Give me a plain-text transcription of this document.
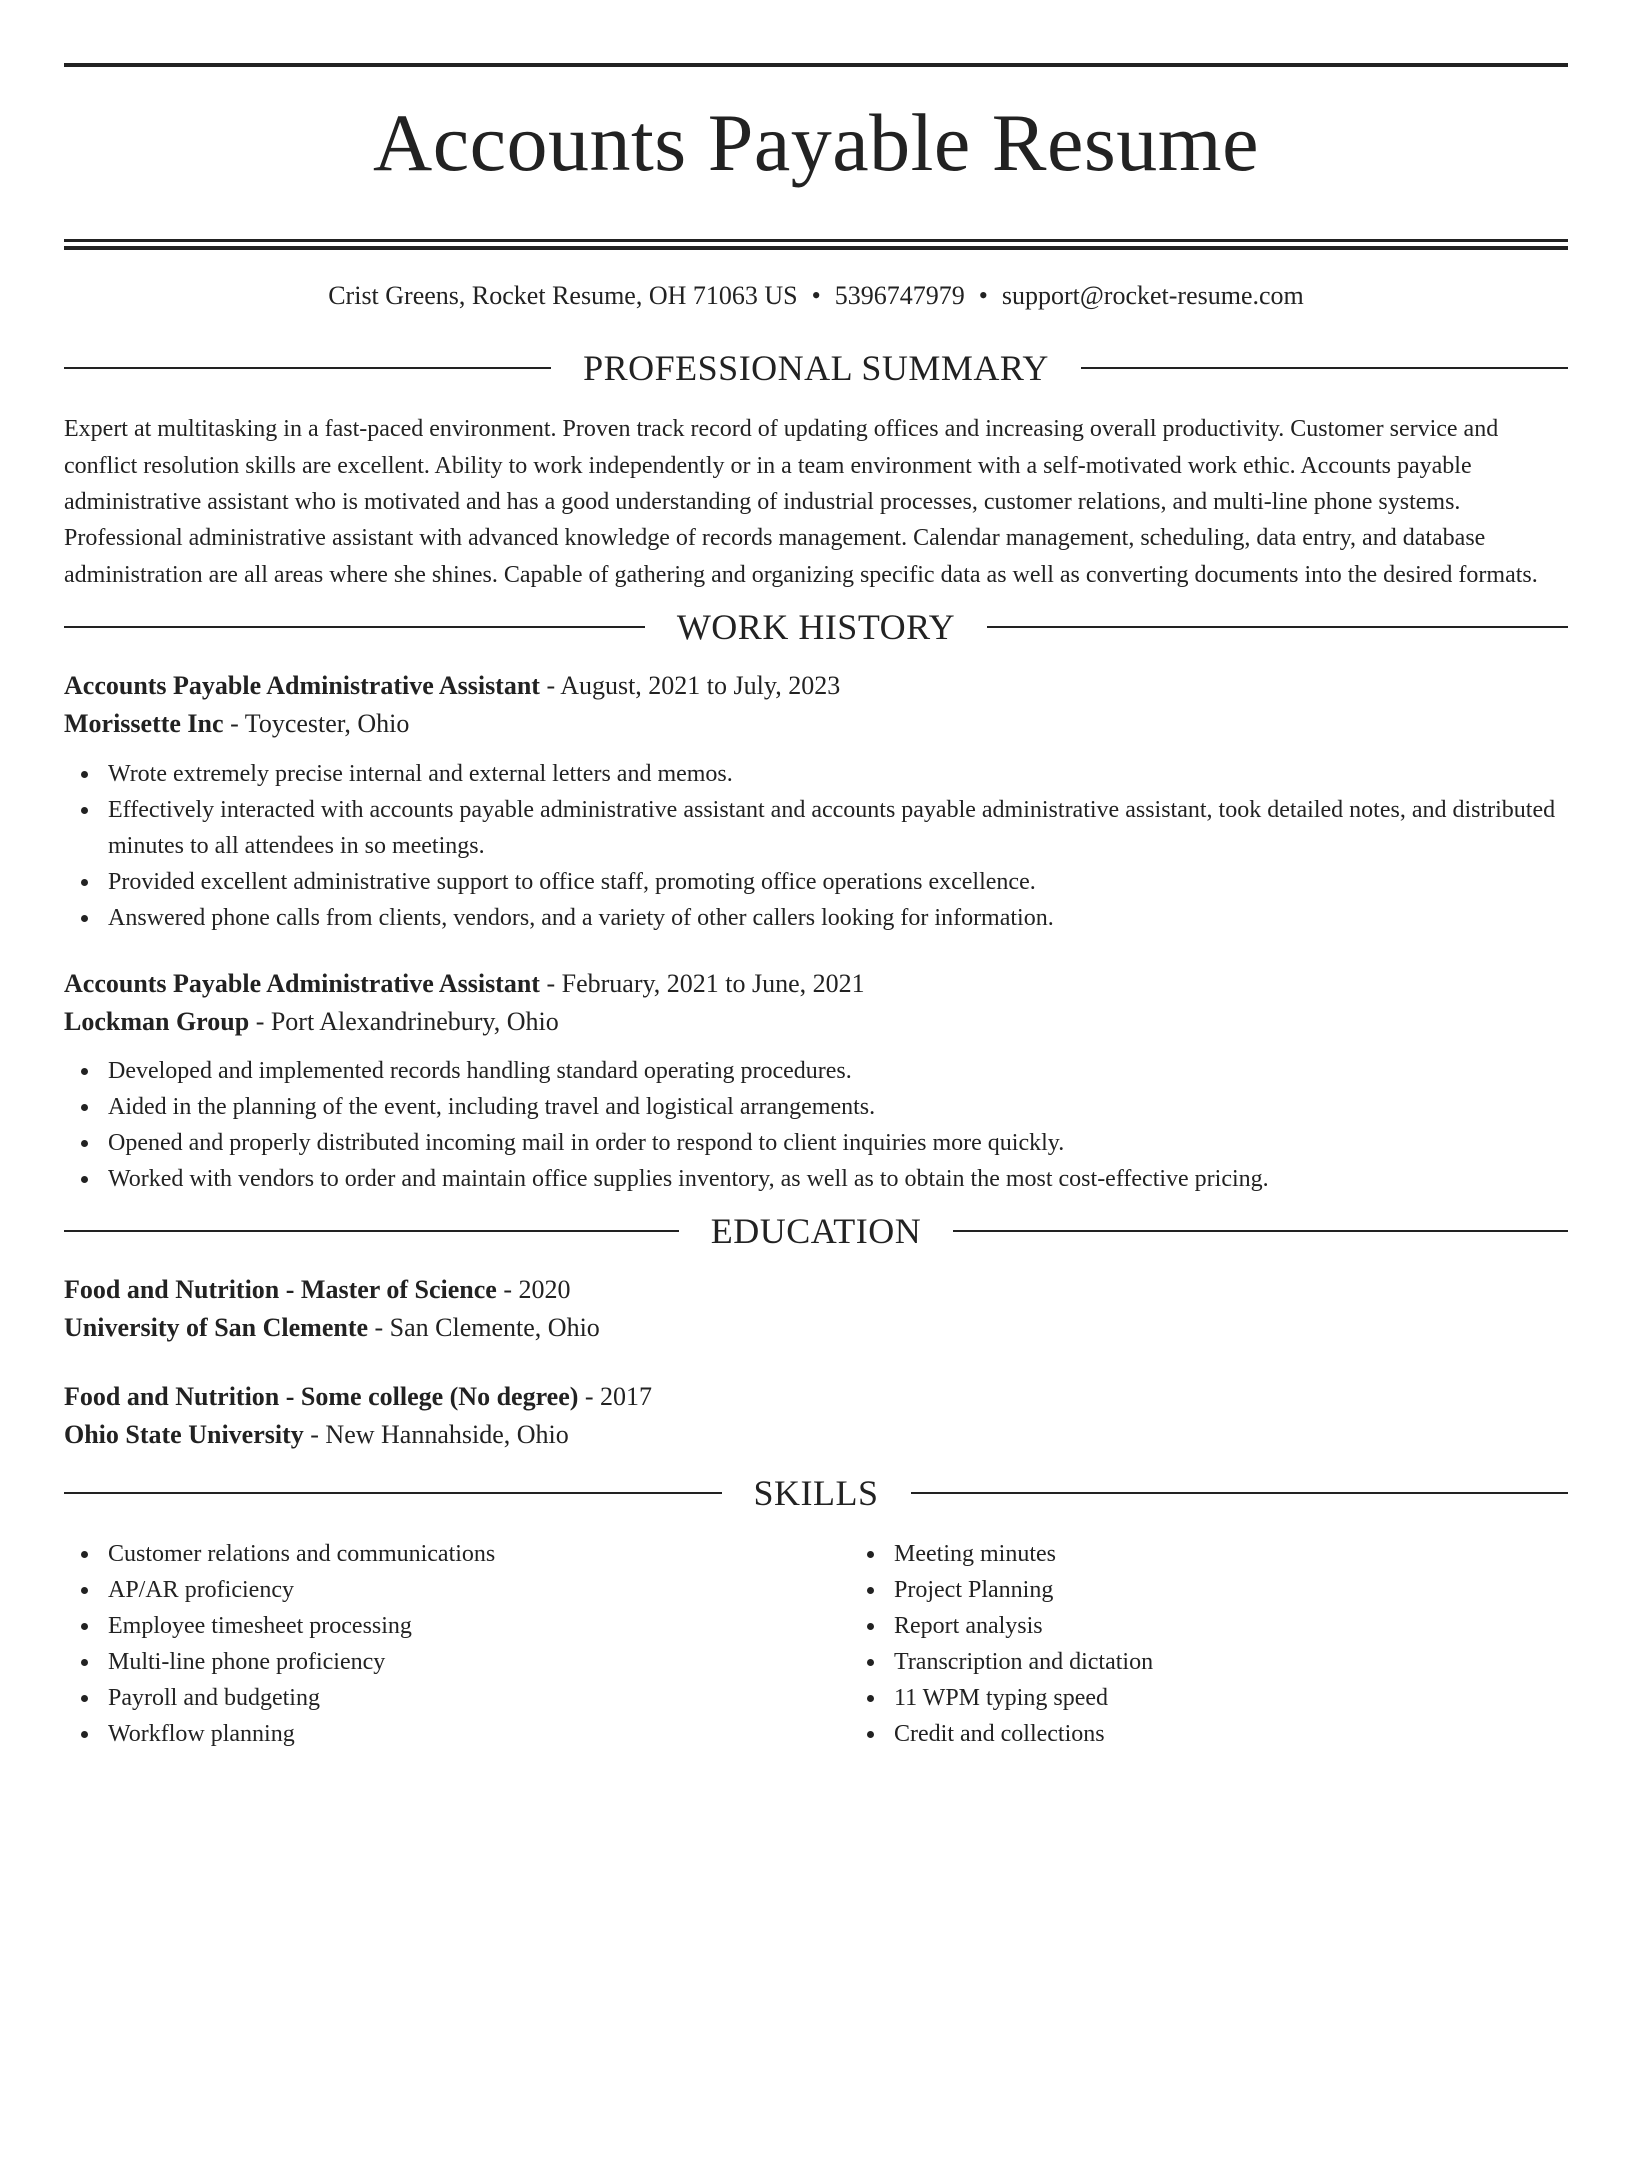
Accounts Payable Resume
Crist Greens, Rocket Resume, OH 71063 US • 5396747979 • support@rocket-resume.com
PROFESSIONAL SUMMARY

Expert at multitasking in a fast-paced environment. Proven track record of updating offices and increasing overall productivity. Customer service and conflict resolution skills are excellent. Ability to work independently or in a team environment with a self-motivated work ethic. Accounts payable administrative assistant who is motivated and has a good understanding of industrial processes, customer relations, and multi-line phone systems. Professional administrative assistant with advanced knowledge of records management. Calendar management, scheduling, data entry, and database administration are all areas where she shines. Capable of gathering and organizing specific data as well as converting documents into the desired formats.

WORK HISTORY

Accounts Payable Administrative Assistant - August, 2021 to July, 2023

Morissette Inc - Toycester, Ohio

Wrote extremely precise internal and external letters and memos.
Effectively interacted with accounts payable administrative assistant and accounts payable administrative assistant, took detailed notes, and distributed minutes to all attendees in so meetings.
Provided excellent administrative support to office staff, promoting office operations excellence.
Answered phone calls from clients, vendors, and a variety of other callers looking for information.

Accounts Payable Administrative Assistant - February, 2021 to June, 2021

Lockman Group - Port Alexandrinebury, Ohio

Developed and implemented records handling standard operating procedures.
Aided in the planning of the event, including travel and logistical arrangements.
Opened and properly distributed incoming mail in order to respond to client inquiries more quickly.
Worked with vendors to order and maintain office supplies inventory, as well as to obtain the most cost-effective pricing.
EDUCATION

Food and Nutrition - Master of Science - 2020

University of San Clemente - San Clemente, Ohio

Food and Nutrition - Some college (No degree) - 2017

Ohio State University - New Hannahside, Ohio

SKILLS
Customer relations and communications
AP/AR proficiency
Employee timesheet processing
Multi-line phone proficiency
Payroll and budgeting
Workflow planning
Meeting minutes
Project Planning
Report analysis
Transcription and dictation
11 WPM typing speed
Credit and collections
